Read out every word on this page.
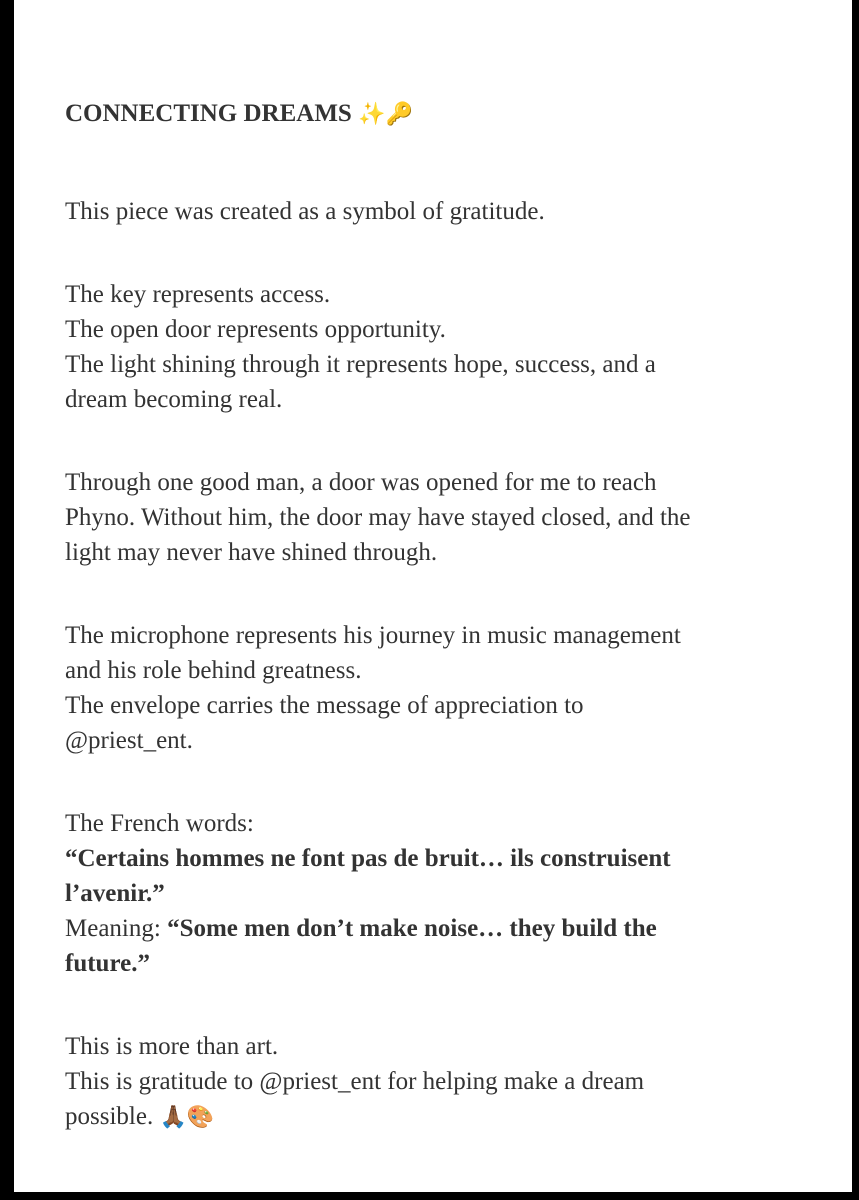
CONNECTING DREAMS ✨🔑

This piece was created as a symbol of gratitude.

The key represents access.
The open door represents opportunity.
The light shining through it represents hope, success, and a
dream becoming real.

Through one good man, a door was opened for me to reach
Phyno. Without him, the door may have stayed closed, and the
light may never have shined through.

The microphone represents his journey in music management
and his role behind greatness.
The envelope carries the message of appreciation to
@priest_ent.

The French words:
“Certains hommes ne font pas de bruit… ils construisent
l’avenir.”
Meaning: “Some men don’t make noise… they build the
future.”

This is more than art.
This is gratitude to @priest_ent for helping make a dream
possible. 🙏🏾🎨
